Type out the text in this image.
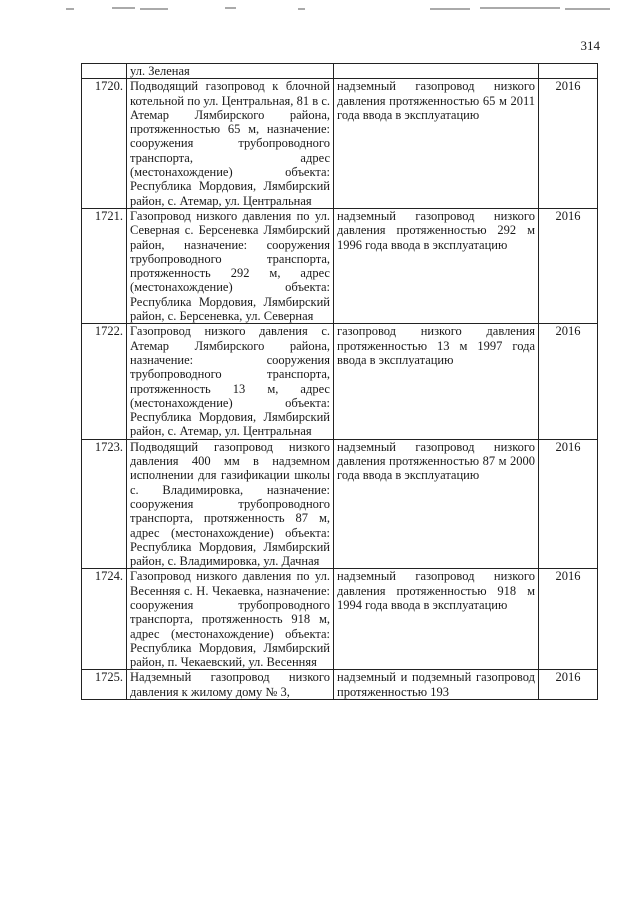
314
	ул. Зеленая		
1720.	Подводящий газопровод к блочной котельной по ул. Центральная, 81 в с. Атемар Лямбирского района, протяженностью 65 м, назначение: сооружения трубопроводного транспорта, адрес (местонахождение) объекта: Республика Мордовия, Лямбирский район, с. Атемар, ул. Центральная	надземный газопровод низкого давления протяженностью 65 м 2011 года ввода в эксплуатацию	2016
1721.	Газопровод низкого давления по ул. Северная с. Берсеневка Лямбирский район, назначение: сооружения трубопроводного транспорта, протяженность 292 м, адрес (местонахождение) объекта: Республика Мордовия, Лямбирский район, с. Берсеневка, ул. Северная	надземный газопровод низкого давления протяженностью 292 м 1996 года ввода в эксплуатацию	2016
1722.	Газопровод низкого давления с. Атемар Лямбирского района, назначение: сооружения трубопроводного транспорта, протяженность 13 м, адрес (местонахождение) объекта: Республика Мордовия, Лямбирский район, с. Атемар, ул. Центральная	газопровод низкого давления протяженностью 13 м 1997 года ввода в эксплуатацию	2016
1723.	Подводящий газопровод низкого давления 400 мм в надземном исполнении для газификации школы с. Владимировка, назначение: сооружения трубопроводного транспорта, протяженность 87 м, адрес (местонахождение) объекта: Республика Мордовия, Лямбирский район, с. Владимировка, ул. Дачная	надземный газопровод низкого давления протяженностью 87 м 2000 года ввода в эксплуатацию	2016
1724.	Газопровод низкого давления по ул. Весенняя с. Н. Чекаевка, назначение: сооружения трубопроводного транспорта, протяженность 918 м, адрес (местонахождение) объекта: Республика Мордовия, Лямбирский район, п. Чекаевский, ул. Весенняя	надземный газопровод низкого давления протяженностью 918 м 1994 года ввода в эксплуатацию	2016
1725.	Надземный газопровод низкого давления к жилому дому № 3,	надземный и подземный газопровод протяженностью 193	2016
